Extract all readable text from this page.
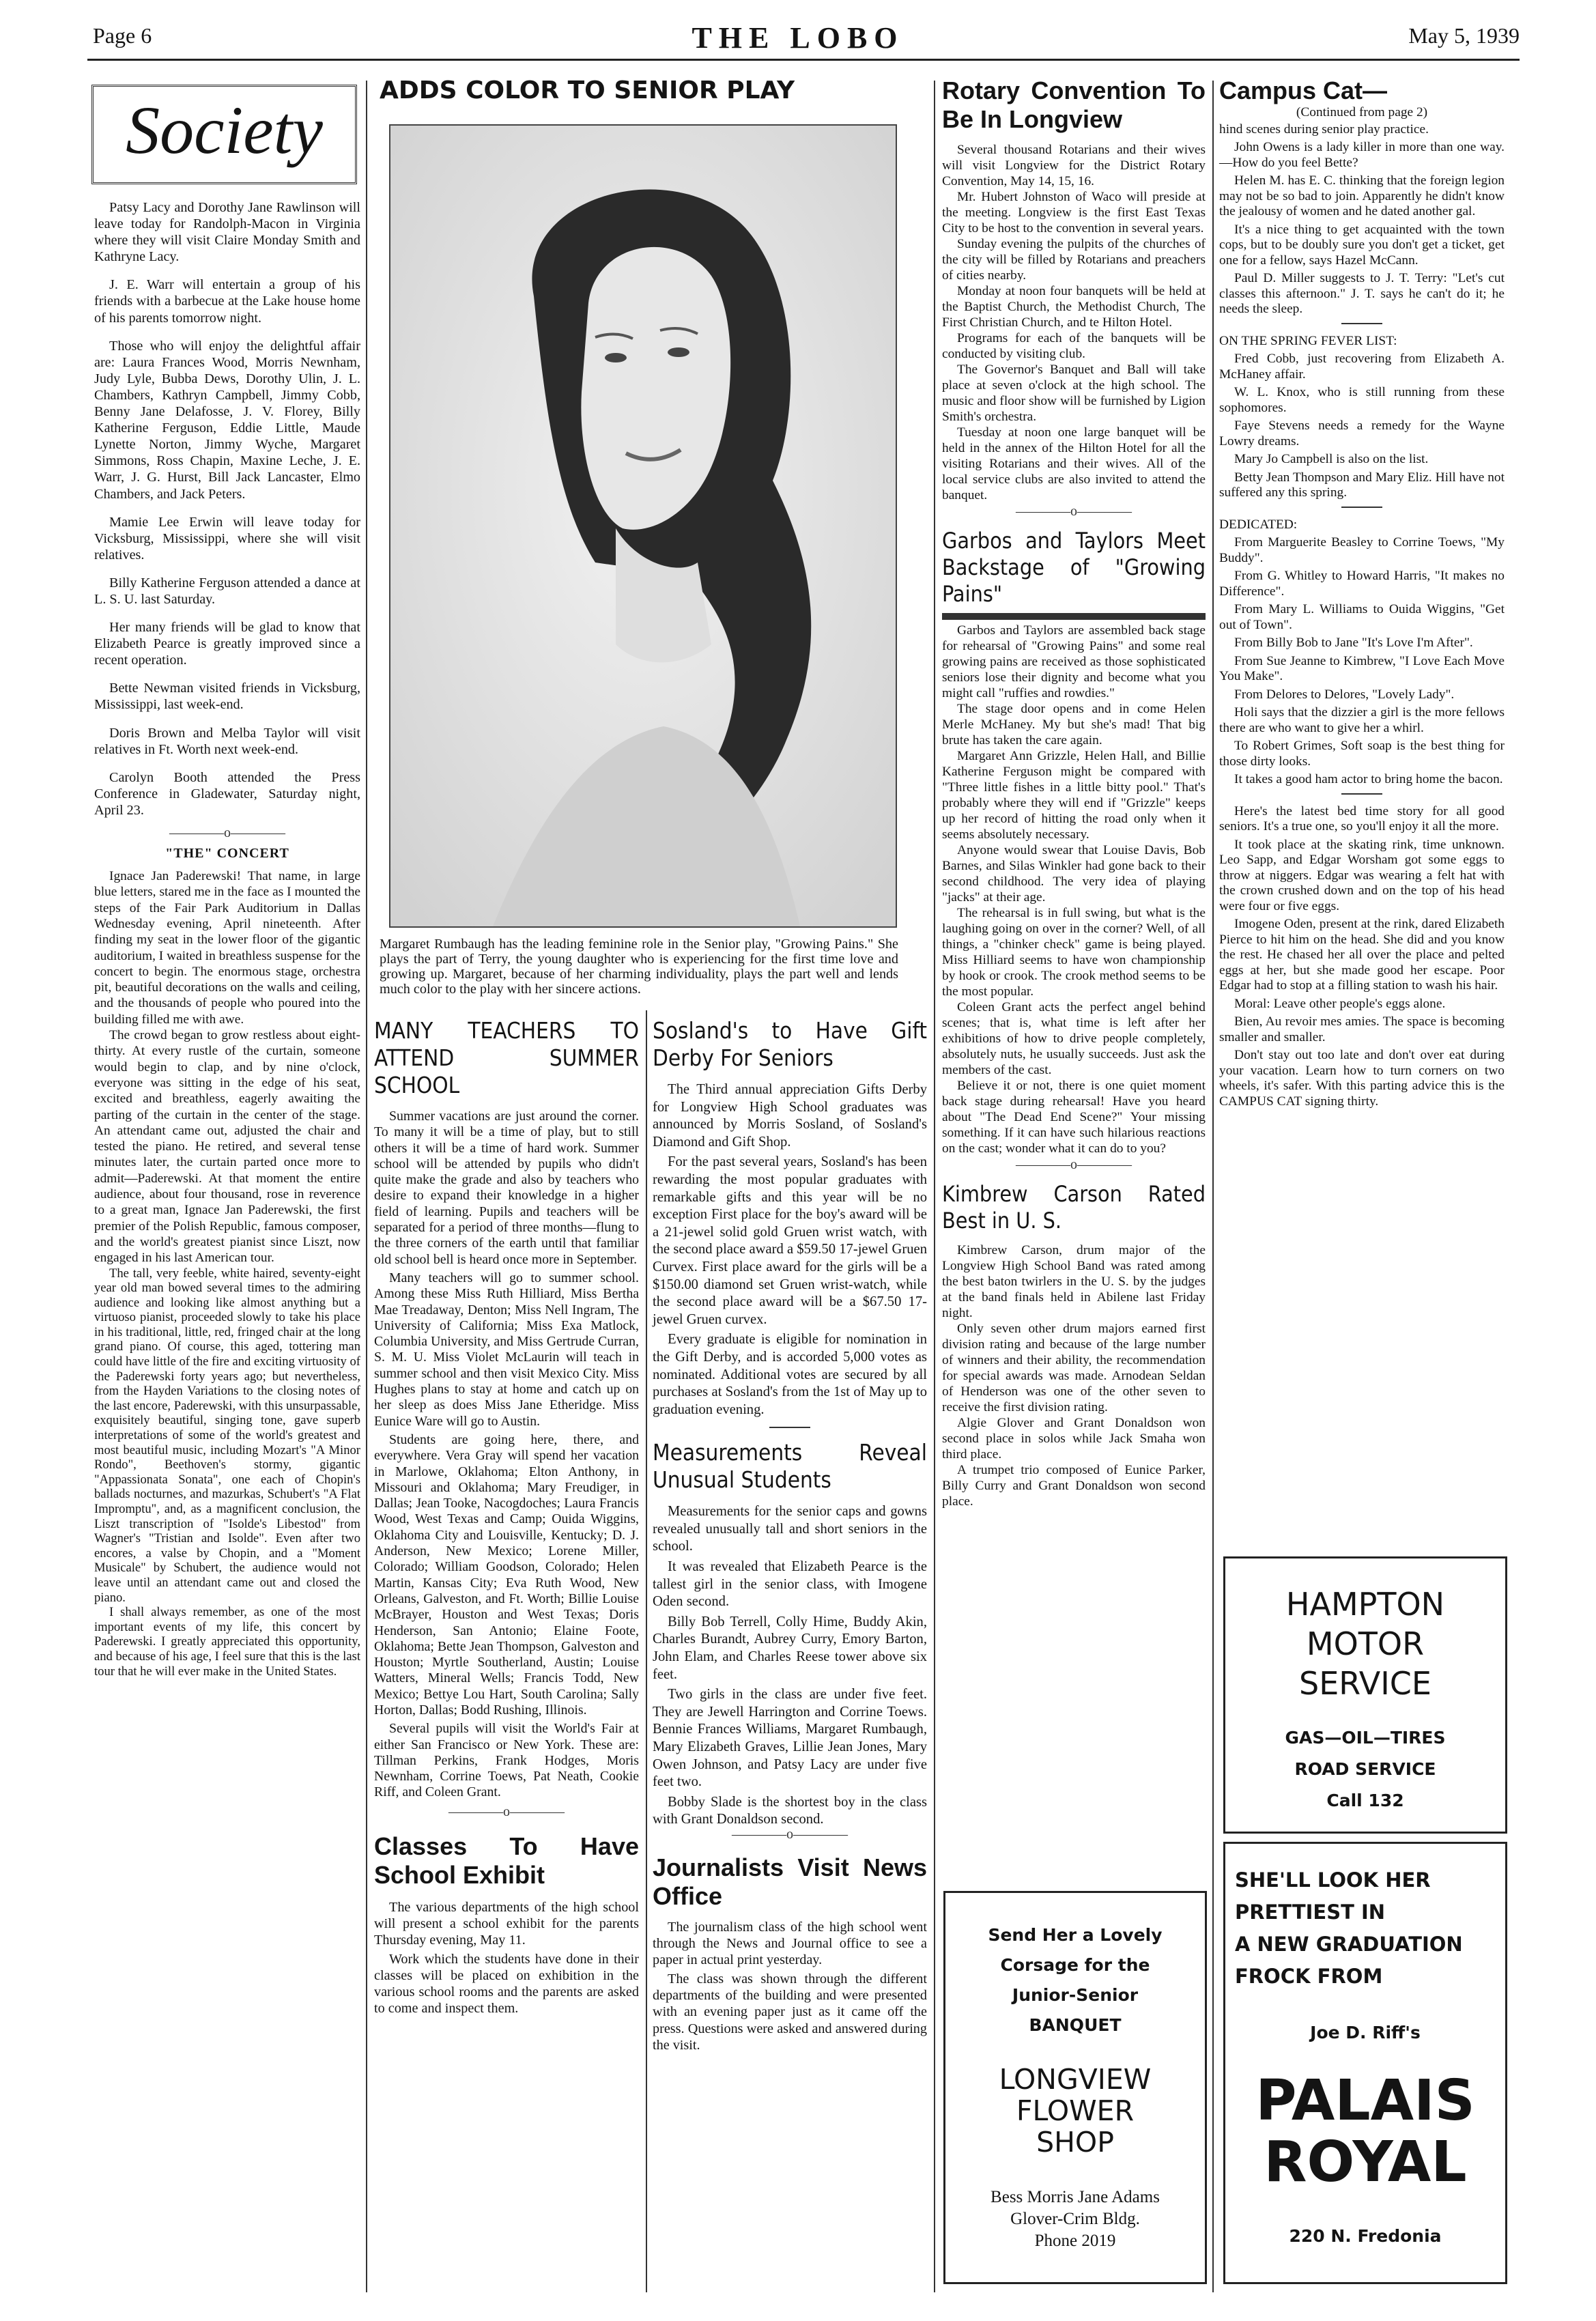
Page 6	THE LOBO	May 5, 1939
Society

Patsy Lacy and Dorothy Jane Rawlinson will leave today for Randolph-Macon in Virginia where they will visit Claire Monday Smith and Kathryne Lacy.

J. E. Warr will entertain a group of his friends with a barbecue at the Lake house home of his parents tomorrow night.

Those who will enjoy the delightful affair are: Laura Frances Wood, Morris Newnham, Judy Lyle, Bubba Dews, Dorothy Ulin, J. L. Chambers, Kathryn Campbell, Jimmy Cobb, Benny Jane Delafosse, J. V. Florey, Billy Katherine Ferguson, Eddie Little, Maude Lynette Norton, Jimmy Wyche, Margaret Simmons, Ross Chapin, Maxine Leche, J. E. Warr, J. G. Hurst, Bill Jack Lancaster, Elmo Chambers, and Jack Peters.

Mamie Lee Erwin will leave today for Vicksburg, Mississippi, where she will visit relatives.

Billy Katherine Ferguson attended a dance at L. S. U. last Saturday.

Her many friends will be glad to know that Elizabeth Pearce is greatly improved since a recent operation.

Bette Newman visited friends in Vicksburg, Mississippi, last week-end.

Doris Brown and Melba Taylor will visit relatives in Ft. Worth next week-end.

Carolyn Booth attended the Press Conference in Gladewater, Saturday night, April 23.

————o————
"THE" CONCERT

Ignace Jan Paderewski! That name, in large blue letters, stared me in the face as I mounted the steps of the Fair Park Auditorium in Dallas Wednesday evening, April nineteenth. After finding my seat in the lower floor of the gigantic auditorium, I waited in breathless suspense for the concert to begin. The enormous stage, orchestra pit, beautiful decorations on the walls and ceiling, and the thousands of people who poured into the building filled me with awe.

The crowd began to grow restless about eight-thirty. At every rustle of the curtain, someone would begin to clap, and by nine o'clock, everyone was sitting in the edge of his seat, excited and breathless, eagerly awaiting the parting of the curtain in the center of the stage. An attendant came out, adjusted the chair and tested the piano. He retired, and several tense minutes later, the curtain parted once more to admit—Paderewski. At that moment the entire audience, about four thousand, rose in reverence to a great man, Ignace Jan Paderewski, the first premier of the Polish Republic, famous composer, and the world's greatest pianist since Liszt, now engaged in his last American tour.

The tall, very feeble, white haired, seventy-eight year old man bowed several times to the admiring audience and looking like almost anything but a virtuoso pianist, proceeded slowly to take his place in his traditional, little, red, fringed chair at the long grand piano. Of course, this aged, tottering man could have little of the fire and exciting virtuosity of the Paderewski forty years ago; but nevertheless, from the Hayden Variations to the closing notes of the last encore, Paderewski, with this unsurpassable, exquisitely beautiful, singing tone, gave superb interpretations of some of the world's greatest and most beautiful music, including Mozart's "A Minor Rondo", Beethoven's stormy, gigantic "Appassionata Sonata", one each of Chopin's ballads nocturnes, and mazurkas, Schubert's "A Flat Impromptu", and, as a magnificent conclusion, the Liszt transcription of "Isolde's Libestod" from Wagner's "Tristian and Isolde". Even after two encores, a valse by Chopin, and a "Moment Musicale" by Schubert, the audience would not leave until an attendant came out and closed the piano.

I shall always remember, as one of the most important events of my life, this concert by Paderewski. I greatly appreciated this opportunity, and because of his age, I feel sure that this is the last tour that he will ever make in the United States.

ADDS COLOR TO SENIOR PLAY
Margaret Rumbaugh has the leading feminine role in the Senior play, "Growing Pains." She plays the part of Terry, the young daughter who is experiencing for the first time love and growing up. Margaret, because of her charming individuality, plays the part well and lends much color to the play with her sincere actions.
MANY TEACHERS TO ATTEND SUMMER SCHOOL

Summer vacations are just around the corner. To many it will be a time of play, but to still others it will be a time of hard work. Summer school will be attended by pupils who didn't quite make the grade and also by teachers who desire to expand their knowledge in a higher field of learning. Pupils and teachers will be separated for a period of three months—flung to the three corners of the earth until that familiar old school bell is heard once more in September.

Many teachers will go to summer school. Among these Miss Ruth Hilliard, Miss Bertha Mae Treadaway, Denton; Miss Nell Ingram, The University of California; Miss Exa Matlock, Columbia University, and Miss Gertrude Curran, S. M. U. Miss Violet McLaurin will teach in summer school and then visit Mexico City. Miss Hughes plans to stay at home and catch up on her sleep as does Miss Jane Etheridge. Miss Eunice Ware will go to Austin.

Students are going here, there, and everywhere. Vera Gray will spend her vacation in Marlowe, Oklahoma; Elton Anthony, in Missouri and Oklahoma; Mary Freudiger, in Dallas; Jean Tooke, Nacogdoches; Laura Francis Wood, West Texas and Camp; Ouida Wiggins, Oklahoma City and Louisville, Kentucky; D. J. Anderson, New Mexico; Lorene Miller, Colorado; William Goodson, Colorado; Helen Martin, Kansas City; Eva Ruth Wood, New Orleans, Galveston, and Ft. Worth; Billie Louise McBrayer, Houston and West Texas; Doris Henderson, San Antonio; Elaine Foote, Oklahoma; Bette Jean Thompson, Galveston and Houston; Myrtle Southerland, Austin; Louise Watters, Mineral Wells; Francis Todd, New Mexico; Bettye Lou Hart, South Carolina; Sally Horton, Dallas; Bodd Rushing, Illinois.

Several pupils will visit the World's Fair at either San Francisco or New York. These are: Tillman Perkins, Frank Hodges, Moris Newnham, Corrine Toews, Pat Neath, Cookie Riff, and Coleen Grant.

————o————
Classes To Have School Exhibit

The various departments of the high school will present a school exhibit for the parents Thursday evening, May 11.

Work which the students have done in their classes will be placed on exhibition in the various school rooms and the parents are asked to come and inspect them.

Sosland's to Have Gift Derby For Seniors

The Third annual appreciation Gifts Derby for Longview High School graduates was announced by Morris Sosland, of Sosland's Diamond and Gift Shop.

For the past several years, Sosland's has been rewarding the most popular graduates with remarkable gifts and this year will be no exception First place for the boy's award will be a 21-jewel solid gold Gruen wrist watch, with the second place award a $59.50 17-jewel Gruen Curvex. First place award for the girls will be a $150.00 diamond set Gruen wrist-watch, while the second place award will be a $67.50 17-jewel Gruen curvex.

Every graduate is eligible for nomination in the Gift Derby, and is accorded 5,000 votes as nominated. Additional votes are secured by all purchases at Sosland's from the 1st of May up to graduation evening.

Measurements Reveal Unusual Students

Measurements for the senior caps and gowns revealed unusually tall and short seniors in the school.

It was revealed that Elizabeth Pearce is the tallest girl in the senior class, with Imogene Oden second.

Billy Bob Terrell, Colly Hime, Buddy Akin, Charles Burandt, Aubrey Curry, Emory Barton, John Elam, and Charles Reese tower above six feet.

Two girls in the class are under five feet. They are Jewell Harrington and Corrine Toews. Bennie Frances Williams, Margaret Rumbaugh, Mary Elizabeth Graves, Lillie Jean Jones, Mary Owen Johnson, and Patsy Lacy are under five feet two.

Bobby Slade is the shortest boy in the class with Grant Donaldson second.

————o————
Journalists Visit News Office

The journalism class of the high school went through the News and Journal office to see a paper in actual print yesterday.

The class was shown through the different departments of the building and were presented with an evening paper just as it came off the press. Questions were asked and answered during the visit.

Rotary Convention To Be In Longview

Several thousand Rotarians and their wives will visit Longview for the District Rotary Convention, May 14, 15, 16.

Mr. Hubert Johnston of Waco will preside at the meeting. Longview is the first East Texas City to be host to the convention in several years.

Sunday evening the pulpits of the churches of the city will be filled by Rotarians and preachers of cities nearby.

Monday at noon four banquets will be held at the Baptist Church, the Methodist Church, The First Christian Church, and te Hilton Hotel.

Programs for each of the banquets will be conducted by visiting club.

The Governor's Banquet and Ball will take place at seven o'clock at the high school. The music and floor show will be furnished by Ligion Smith's orchestra.

Tuesday at noon one large banquet will be held in the annex of the Hilton Hotel for all the visiting Rotarians and their wives. All of the local service clubs are also invited to attend the banquet.

————o————
Garbos and Taylors Meet Backstage of "Growing Pains"

Garbos and Taylors are assembled back stage for rehearsal of "Growing Pains" and some real growing pains are received as those sophisticated seniors lose their dignity and become what you might call "ruffies and rowdies."

The stage door opens and in come Helen Merle McHaney. My but she's mad! That big brute has taken the care again.

Margaret Ann Grizzle, Helen Hall, and Billie Katherine Ferguson might be compared with "Three little fishes in a little bitty pool." That's probably where they will end if "Grizzle" keeps up her record of hitting the road only when it seems absolutely necessary.

Anyone would swear that Louise Davis, Bob Barnes, and Silas Winkler had gone back to their second childhood. The very idea of playing "jacks" at their age.

The rehearsal is in full swing, but what is the laughing going on over in the corner? Well, of all things, a "chinker check" game is being played. Miss Hilliard seems to have won championship by hook or crook. The crook method seems to be the most popular.

Coleen Grant acts the perfect angel behind scenes; that is, what time is left after her exhibitions of how to drive people completely, absolutely nuts, he usually succeeds. Just ask the members of the cast.

Believe it or not, there is one quiet moment back stage during rehearsal! Have you heard about "The Dead End Scene?" Your missing something. If it can have such hilarious reactions on the cast; wonder what it can do to you?

————o————
Kimbrew Carson Rated Best in U. S.

Kimbrew Carson, drum major of the Longview High School Band was rated among the best baton twirlers in the U. S. by the judges at the band finals held in Abilene last Friday night.

Only seven other drum majors earned first division rating and because of the large number of winners and their ability, the recommendation for special awards was made. Arnodean Seldan of Henderson was one of the other seven to receive the first division rating.

Algie Glover and Grant Donaldson won second place in solos while Jack Smaha won third place.

A trumpet trio composed of Eunice Parker, Billy Curry and Grant Donaldson won second place.

Send Her a Lovely
Corsage for the
Junior-Senior
BANQUET
LONGVIEW
FLOWER
SHOP
Bess Morris Jane Adams
Glover-Crim Bldg.
Phone 2019
Campus Cat—
(Continued from page 2)

hind scenes during senior play practice.

John Owens is a lady killer in more than one way.—How do you feel Bette?

Helen M. has E. C. thinking that the foreign legion may not be so bad to join. Apparently he didn't know the jealousy of women and he dated another gal.

It's a nice thing to get acquainted with the town cops, but to be doubly sure you don't get a ticket, get one for a fellow, says Hazel McCann.

Paul D. Miller suggests to J. T. Terry: "Let's cut classes this afternoon." J. T. says he can't do it; he needs the sleep.

ON THE SPRING FEVER LIST:

Fred Cobb, just recovering from Elizabeth A. McHaney affair.

W. L. Knox, who is still running from these sophomores.

Faye Stevens needs a remedy for the Wayne Lowry dreams.

Mary Jo Campbell is also on the list.

Betty Jean Thompson and Mary Eliz. Hill have not suffered any this spring.

DEDICATED:

From Marguerite Beasley to Corrine Toews, "My Buddy".

From G. Whitley to Howard Harris, "It makes no Difference".

From Mary L. Williams to Ouida Wiggins, "Get out of Town".

From Billy Bob to Jane "It's Love I'm After".

From Sue Jeanne to Kimbrew, "I Love Each Move You Make".

From Delores to Delores, "Lovely Lady".

Holi says that the dizzier a girl is the more fellows there are who want to give her a whirl.

To Robert Grimes, Soft soap is the best thing for those dirty looks.

It takes a good ham actor to bring home the bacon.

Here's the latest bed time story for all good seniors. It's a true one, so you'll enjoy it all the more.

It took place at the skating rink, time unknown. Leo Sapp, and Edgar Worsham got some eggs to throw at niggers. Edgar was wearing a felt hat with the crown crushed down and on the top of his head were four or five eggs.

Imogene Oden, present at the rink, dared Elizabeth Pierce to hit him on the head. She did and you know the rest. He chased her all over the place and pelted eggs at her, but she made good her escape. Poor Edgar had to stop at a filling station to wash his hair.

Moral: Leave other people's eggs alone.

Bien, Au revoir mes amies. The space is becoming smaller and smaller.

Don't stay out too late and don't over eat during your vacation. Learn how to turn corners on two wheels, it's safer. With this parting advice this is the CAMPUS CAT signing thirty.

HAMPTON
MOTOR
SERVICE
GAS—OIL—TIRES
ROAD SERVICE
Call 132
SHE'LL LOOK HER
PRETTIEST IN
A NEW GRADUATION
FROCK FROM
Joe D. Riff's
PALAIS
ROYAL
220 N. Fredonia
